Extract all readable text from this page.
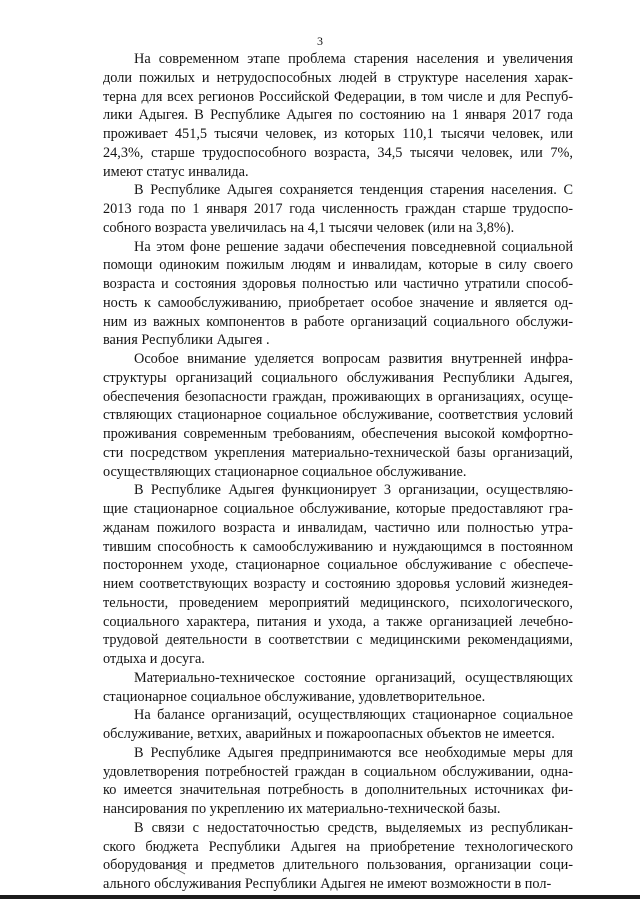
3
На современном этапе проблема старения населения и увеличения
доли пожилых и нетрудоспособных людей в структуре населения харак-
терна для всех регионов Российской Федерации, в том числе и для Респуб-
лики Адыгея. В Республике Адыгея по состоянию на 1 января 2017 года
проживает 451,5 тысячи человек, из которых 110,1 тысячи человек, или
24,3%, старше трудоспособного возраста, 34,5 тысячи человек, или 7%,
имеют статус инвалида.
В Республике Адыгея сохраняется тенденция старения населения. С
2013 года по 1 января 2017 года численность граждан старше трудоспо-
собного возраста увеличилась на 4,1 тысячи человек (или на 3,8%).
На этом фоне решение задачи обеспечения повседневной социальной
помощи одиноким пожилым людям и инвалидам, которые в силу своего
возраста и состояния здоровья полностью или частично утратили способ-
ность к самообслуживанию, приобретает особое значение и является од-
ним из важных компонентов в работе организаций социального обслужи-
вания Республики Адыгея .
Особое внимание уделяется вопросам развития внутренней инфра-
структуры организаций социального обслуживания Республики Адыгея,
обеспечения безопасности граждан, проживающих в организациях, осуще-
ствляющих стационарное социальное обслуживание, соответствия условий
проживания современным требованиям, обеспечения высокой комфортно-
сти посредством укрепления материально-технической базы организаций,
осуществляющих стационарное социальное обслуживание.
В Республике Адыгея функционирует 3 организации, осуществляю-
щие стационарное социальное обслуживание, которые предоставляют гра-
жданам пожилого возраста и инвалидам, частично или полностью утра-
тившим способность к самообслуживанию и нуждающимся в постоянном
постороннем уходе, стационарное социальное обслуживание с обеспече-
нием соответствующих возрасту и состоянию здоровья условий жизнедея-
тельности, проведением мероприятий медицинского, психологического,
социального характера, питания и ухода, а также организацией лечебно-
трудовой деятельности в соответствии с медицинскими рекомендациями,
отдыха и досуга.
Материально-техническое состояние организаций, осуществляющих
стационарное социальное обслуживание, удовлетворительное.
На балансе организаций, осуществляющих стационарное социальное
обслуживание, ветхих, аварийных и пожароопасных объектов не имеется.
В Республике Адыгея предпринимаются все необходимые меры для
удовлетворения потребностей граждан в социальном обслуживании, одна-
ко имеется значительная потребность в дополнительных источниках фи-
нансирования по укреплению их материально-технической базы.
В связи с недостаточностью средств, выделяемых из республикан-
ского бюджета Республики Адыгея на приобретение технологического
оборудования и предметов длительного пользования, организации соци-
ального обслуживания Республики Адыгея не имеют возможности в пол-
